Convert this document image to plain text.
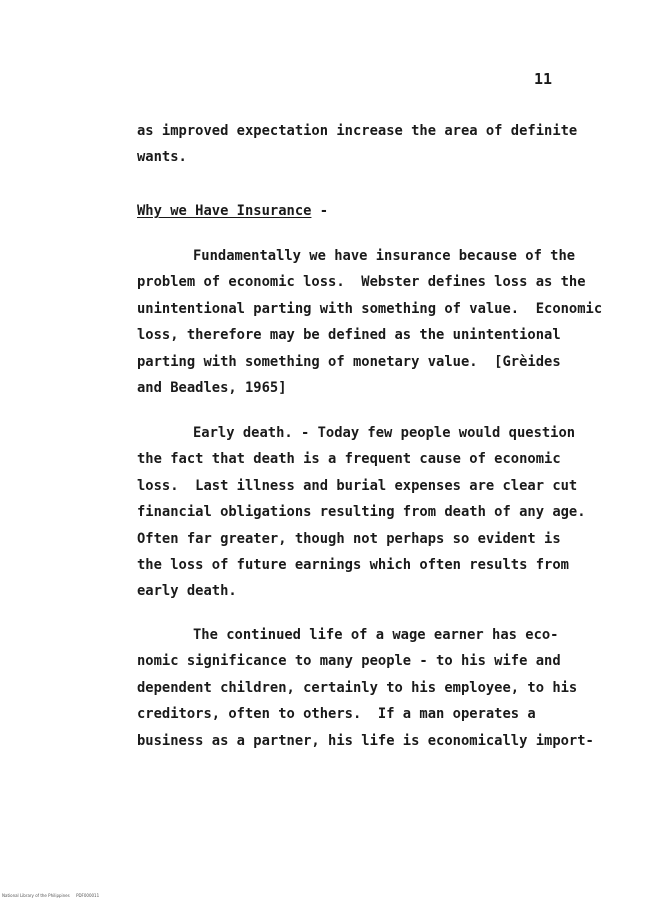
11
as improved expectation increase the area of definite
wants.
Why we Have Insurance -
Fundamentally we have insurance because of the
problem of economic loss.  Webster defines loss as the
unintentional parting with something of value.  Economic
loss, therefore may be defined as the unintentional
parting with something of monetary value.  [Grèides
and Beadles, 1965]
Early death. - Today few people would question
the fact that death is a frequent cause of economic
loss.  Last illness and burial expenses are clear cut
financial obligations resulting from death of any age.
Often far greater, though not perhaps so evident is
the loss of future earnings which often results from
early death.
The continued life of a wage earner has eco-
nomic significance to many people - to his wife and
dependent children, certainly to his employee, to his
creditors, often to others.  If a man operates a
business as a partner, his life is economically import-
National Library of the Philippines     PDF000011
